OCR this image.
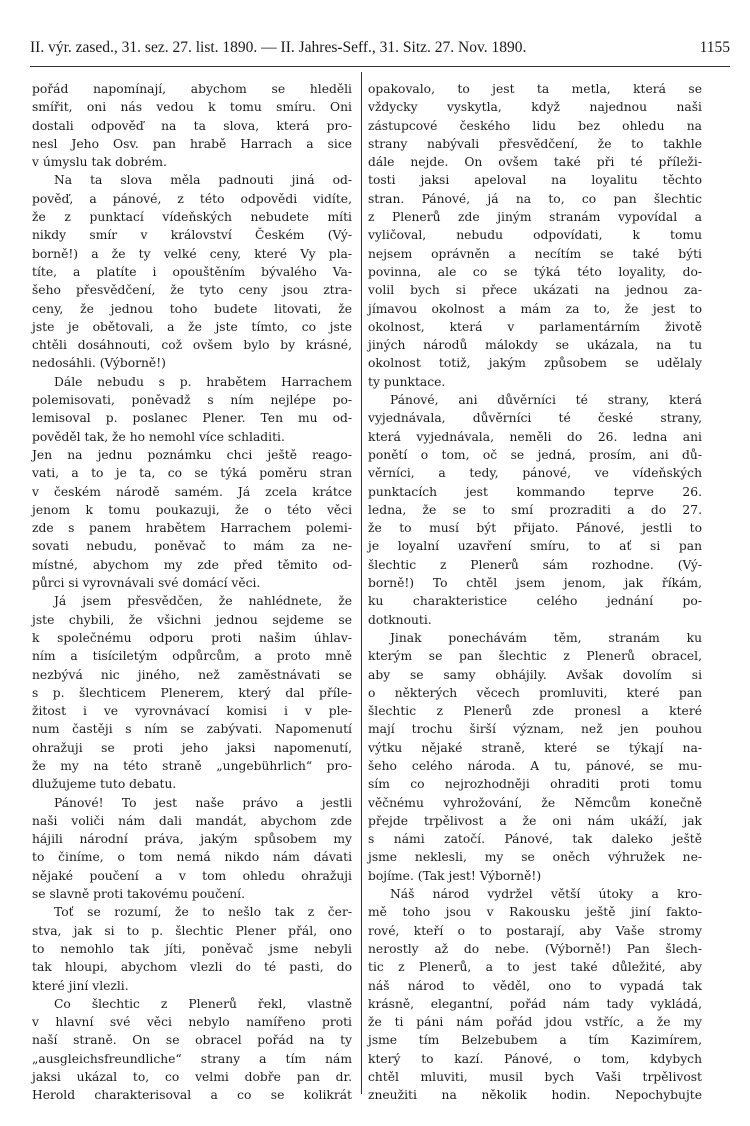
II. výr. zased., 31. sez. 27. list. 1890. — II. Jahres-Seff., 31. Sitz. 27. Nov. 1890.	1155
pořád napomínají, abychom se hleděli
smířit, oni nás vedou k tomu smíru. Oni
dostali odpověď na ta slova, která pro-
nesl Jeho Osv. pan hrabě Harrach a sice
v úmyslu tak dobrém.
Na ta slova měla padnouti jiná od-
pověď, a pánové, z této odpovědi vidíte,
že z punktací vídeňských nebudete míti
nikdy smír v království Českém (Vý-
borně!) a že ty velké ceny, které Vy pla-
títe, a platíte i opouštěním bývalého Va-
šeho přesvědčení, že tyto ceny jsou ztra-
ceny, že jednou toho budete litovati, že
jste je obětovali, a že jste tímto, co jste
chtěli dosáhnouti, což ovšem bylo by krásné,
nedosáhli. (Výborně!)
Dále nebudu s p. hrabětem Harrachem
polemisovati, poněvadž s ním nejlépe po-
lemisoval p. poslanec Plener. Ten mu od-
pověděl tak, že ho nemohl více schladiti.
Jen na jednu poznámku chci ještě reago-
vati, a to je ta, co se týká poměru stran
v českém národě samém. Já zcela krátce
jenom k tomu poukazuji, že o této věci
zde s panem hrabětem Harrachem polemi-
sovati nebudu, poněvač to mám za ne-
místné, abychom my zde před těmito od-
půrci si vyrovnávali své domácí věci.
Já jsem přesvědčen, že nahlédnete, že
jste chybili, že všichni jednou sejdeme se
k společnému odporu proti našim úhlav-
ním a tisíciletým odpůrcům, a proto mně
nezbývá nic jiného, než zaměstnávati se
s p. šlechticem Plenerem, který dal příle-
žitost i ve vyrovnávací komisi i v ple-
num častěji s ním se zabývati. Napomenutí
ohražuji se proti jeho jaksi napomenutí,
že my na této straně „ungebührlich“ pro-
dlužujeme tuto debatu.
Pánové! To jest naše právo a jestli
naši voliči nám dali mandát, abychom zde
hájili národní práva, jakým spůsobem my
to činíme, o tom nemá nikdo nám dávati
nějaké poučení a v tom ohledu ohražuji
se slavně proti takovému poučení.
Toť se rozumí, že to nešlo tak z čer-
stva, jak si to p. šlechtic Plener přál, ono
to nemohlo tak jíti, poněvač jsme nebyli
tak hloupi, abychom vlezli do té pasti, do
které jiní vlezli.
Co šlechtic z Plenerů řekl, vlastně
v hlavní své věci nebylo namířeno proti
naší straně. On se obracel pořád na ty
„ausgleichsfreundliche“ strany a tím nám
jaksi ukázal to, co velmi dobře pan dr.
Herold charakterisoval a co se kolikrát
opakovalo, to jest ta metla, která se
vždycky vyskytla, když najednou naši
zástupcové českého lidu bez ohledu na
strany nabývali přesvědčení, že to takhle
dále nejde. On ovšem také při té příleži-
tosti jaksi apeloval na loyalitu těchto
stran. Pánové, já na to, co pan šlechtic
z Plenerů zde jiným stranám vypovídal a
vyličoval, nebudu odpovídati, k tomu
nejsem oprávněn a necítím se také býti
povinna, ale co se týká této loyality, do-
volil bych si přece ukázati na jednou za-
jímavou okolnost a mám za to, že jest to
okolnost, která v parlamentárním životě
jiných národů málokdy se ukázala, na tu
okolnost totiž, jakým způsobem se udělaly
ty punktace.
Pánové, ani důvěrníci té strany, která
vyjednávala, důvěrníci té české strany,
která vyjednávala, neměli do 26. ledna ani
ponětí o tom, oč se jedná, prosím, ani dů-
věrníci, a tedy, pánové, ve vídeňských
punktacích jest kommando teprve 26.
ledna, že se to smí prozraditi a do 27.
že to musí být přijato. Pánové, jestli to
je loyalní uzavření smíru, to ať si pan
šlechtic z Plenerů sám rozhodne. (Vý-
borně!) To chtěl jsem jenom, jak říkám,
ku charakteristice celého jednání po-
dotknouti.
Jinak ponechávám těm, stranám ku
kterým se pan šlechtic z Plenerů obracel,
aby se samy obhájily. Avšak dovolím si
o některých věcech promluviti, které pan
šlechtic z Plenerů zde pronesl a které
mají trochu širší význam, než jen pouhou
výtku nějaké straně, které se týkají na-
šeho celého národa. A tu, pánové, se mu-
sím co nejrozhodněji ohraditi proti tomu
věčnému vyhrožování, že Němcům konečně
přejde trpělivost a že oni nám ukáží, jak
s námi zatočí. Pánové, tak daleko ještě
jsme neklesli, my se oněch výhružek ne-
bojíme. (Tak jest! Výborně!)
Náš národ vydržel větší útoky a kro-
mě toho jsou v Rakousku ještě jiní fakto-
rové, kteří o to postarají, aby Vaše stromy
nerostly až do nebe. (Výborně!) Pan šlech-
tic z Plenerů, a to jest také důležité, aby
náš národ to věděl, ono to vypadá tak
krásně, elegantní, pořád nám tady vykládá,
že ti páni nám pořád jdou vstříc, a že my
jsme tím Belzebubem a tím Kazimírem,
který to kazí. Pánové, o tom, kdybych
chtěl mluviti, musil bych Vaši trpělivost
zneužiti na několik hodin. Nepochybujte
